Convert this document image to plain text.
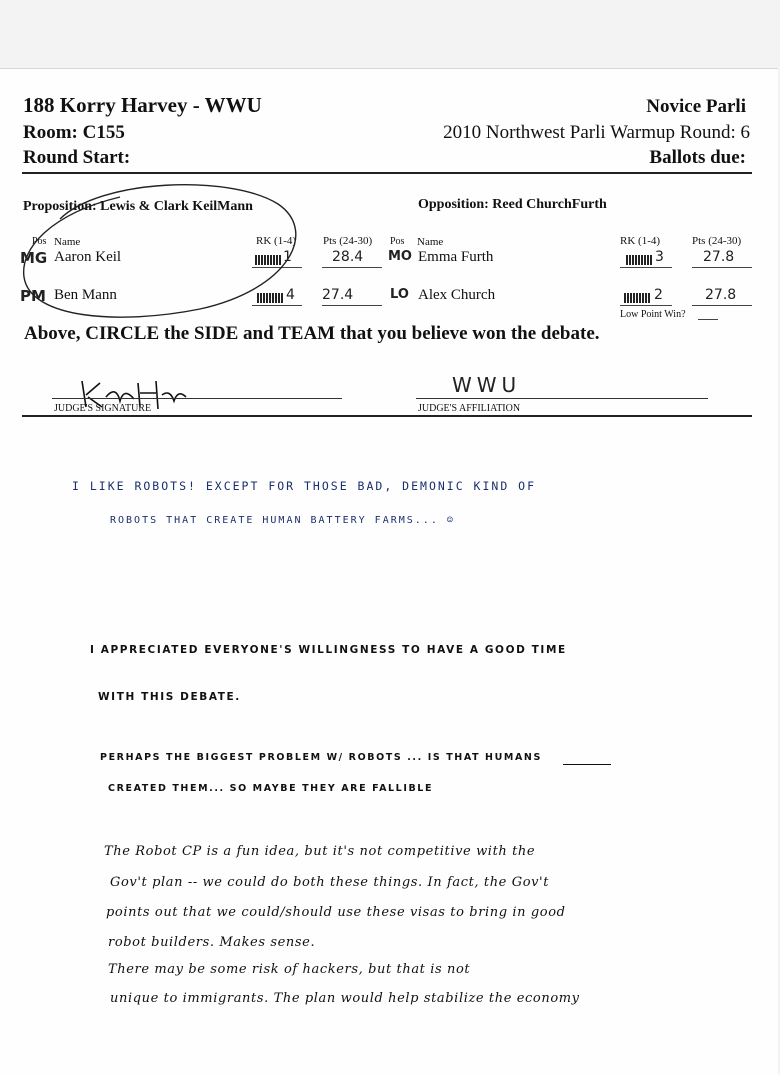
188 Korry Harvey - WWU
Room: C155
Round Start:
Novice Parli
2010 Northwest Parli Warmup Round: 6
Ballots due:
Proposition: Lewis & Clark KeilMann	Opposition: Reed ChurchFurth
Pos Name	RK (1-4) Pts (24-30) Pos Name	RK (1-4)	Pts (24-30)
MG Aaron Keil	1	28.4
PM Ben Mann	4 27.4
MO Emma Furth	3	27.8
LO Alex Church	2	27.8
Low Point Win?
Above, CIRCLE the SIDE and TEAM that you believe won the debate.
JUDGE'S SIGNATURE
WWU
JUDGE'S AFFILIATION
I LIKE ROBOTS! EXCEPT FOR THOSE BAD, DEMONIC KIND OF
ROBOTS THAT CREATE HUMAN BATTERY FARMS... ☺
I APPRECIATED EVERYONE'S WILLINGNESS TO HAVE A GOOD TIME
WITH THIS DEBATE.
PERHAPS THE BIGGEST PROBLEM W/ ROBOTS ... IS THAT HUMANS
CREATED THEM... SO MAYBE THEY ARE FALLIBLE
The Robot CP is a fun idea, but it's not competitive with the
Gov't plan -- we could do both these things. In fact, the Gov't
points out that we could/should use these visas to bring in good
robot builders. Makes sense.
There may be some risk of hackers, but that is not
unique to immigrants. The plan would help stabilize the economy
